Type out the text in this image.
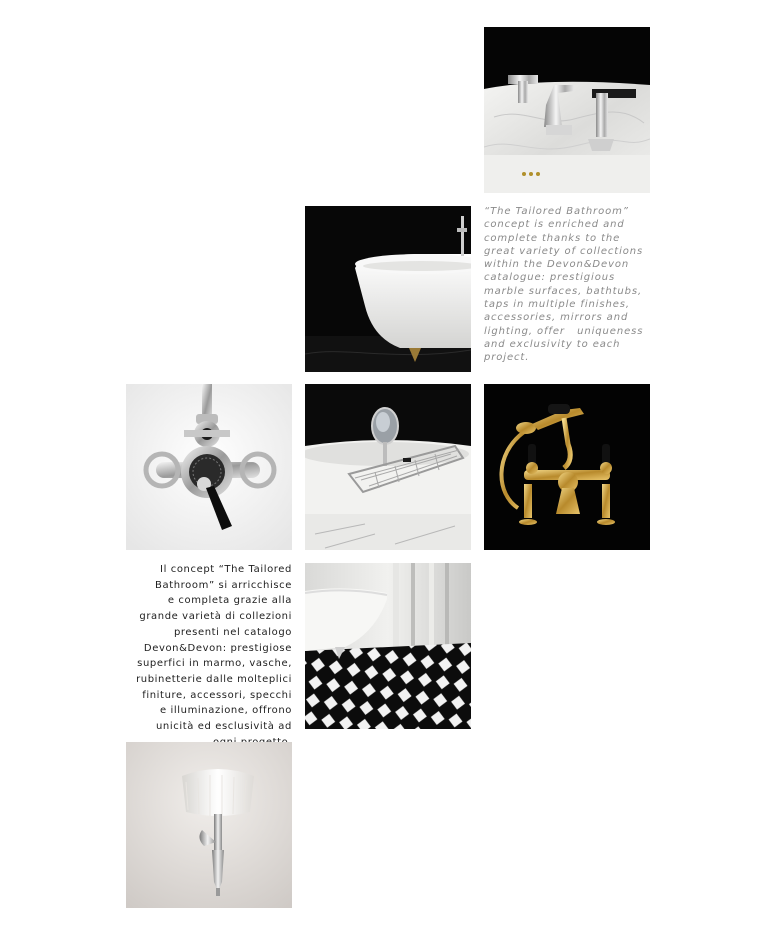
“The Tailored Bathroom”
concept is enriched and
complete thanks to the
great variety of collections
within the Devon&Devon
catalogue: prestigious
marble surfaces, bathtubs,
taps in multiple finishes,
accessories, mirrors and
lighting, offer   uniqueness
and exclusivity to each
project.

Il concept “The Tailored
Bathroom” si arricchisce
e completa grazie alla
grande varietà di collezioni
presenti nel catalogo
Devon&Devon: prestigiose
superfici in marmo, vasche,
rubinetterie dalle molteplici
finiture, accessori, specchi
e illuminazione, offrono
unicità ed esclusività ad
